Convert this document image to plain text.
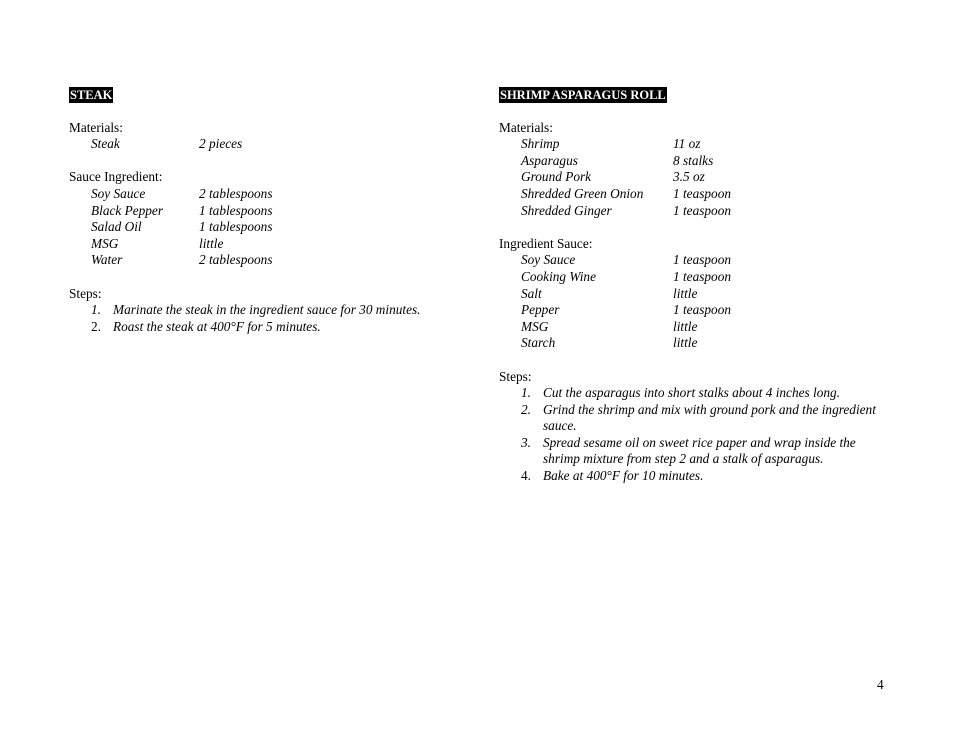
STEAK
Materials:
Steak	2 pieces
Sauce Ingredient:
Soy Sauce	2 tablespoons
Black Pepper	1 tablespoons
Salad Oil	1 tablespoons
MSG	little
Water	2 tablespoons
Steps:
1. Marinate the steak in the ingredient sauce for 30 minutes.
2. Roast the steak at 400°F for 5 minutes.
SHRIMP ASPARAGUS ROLL
Materials:
Shrimp	11 oz
Asparagus	8 stalks
Ground Pork	3.5 oz
Shredded Green Onion	1 teaspoon
Shredded Ginger	1 teaspoon
Ingredient Sauce:
Soy Sauce	1 teaspoon
Cooking Wine	1 teaspoon
Salt	little
Pepper	1 teaspoon
MSG	little
Starch	little
Steps:
1. Cut the asparagus into short stalks about 4 inches long.
2. Grind the shrimp and mix with ground pork and the ingredient sauce.
3. Spread sesame oil on sweet rice paper and wrap inside the shrimp mixture from step 2 and a stalk of asparagus.
4. Bake at 400°F for 10 minutes.
4
